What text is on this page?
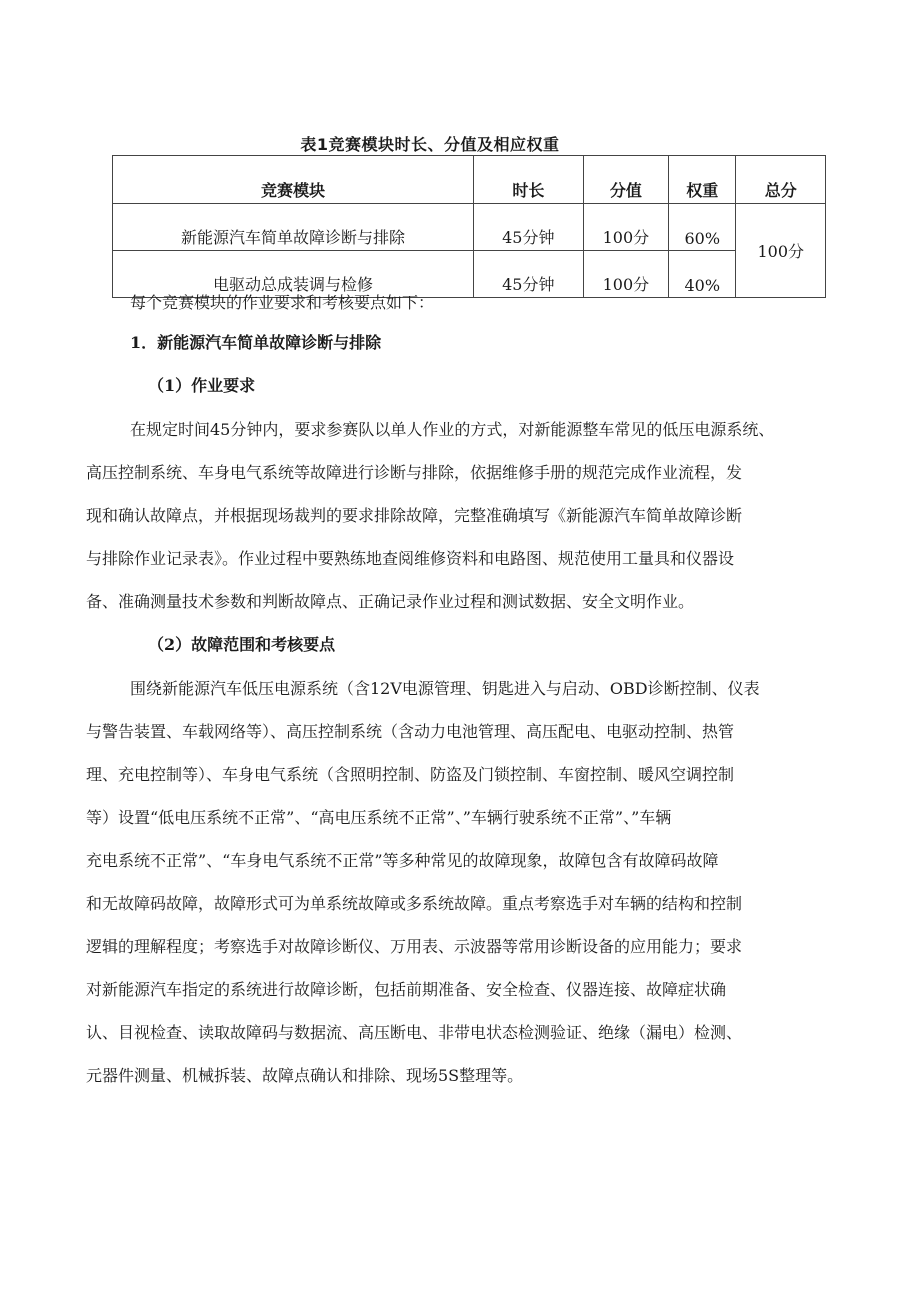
表1竞赛模块时长、分值及相应权重
竞赛模块	时长	分值	权重	总分
新能源汽车简单故障诊断与排除	45分钟	100分	60%	100分
电驱动总成装调与检修	45分钟	100分	40%	
每个竞赛模块的作业要求和考核要点如下：
1．新能源汽车简单故障诊断与排除
（1）作业要求
在规定时间45分钟内，要求参赛队以单人作业的方式，对新能源整车常见的低压电源系统、
高压控制系统、车身电气系统等故障进行诊断与排除，依据维修手册的规范完成作业流程，发
现和确认故障点，并根据现场裁判的要求排除故障，完整准确填写《新能源汽车简单故障诊断
与排除作业记录表》。作业过程中要熟练地查阅维修资料和电路图、规范使用工量具和仪器设
备、准确测量技术参数和判断故障点、正确记录作业过程和测试数据、安全文明作业。
（2）故障范围和考核要点
围绕新能源汽车低压电源系统（含12V电源管理、钥匙进入与启动、OBD诊断控制、仪表
与警告装置、车载网络等）、高压控制系统（含动力电池管理、高压配电、电驱动控制、热管
理、充电控制等）、车身电气系统（含照明控制、防盗及门锁控制、车窗控制、暖风空调控制
等）设置“低电压系统不正常”、“高电压系统不正常”、”车辆行驶系统不正常”、”车辆
充电系统不正常”、“车身电气系统不正常”等多种常见的故障现象，故障包含有故障码故障
和无故障码故障，故障形式可为单系统故障或多系统故障。重点考察选手对车辆的结构和控制
逻辑的理解程度；考察选手对故障诊断仪、万用表、示波器等常用诊断设备的应用能力；要求
对新能源汽车指定的系统进行故障诊断，包括前期准备、安全检查、仪器连接、故障症状确
认、目视检查、读取故障码与数据流、高压断电、非带电状态检测验证、绝缘（漏电）检测、
元器件测量、机械拆装、故障点确认和排除、现场5S整理等。
